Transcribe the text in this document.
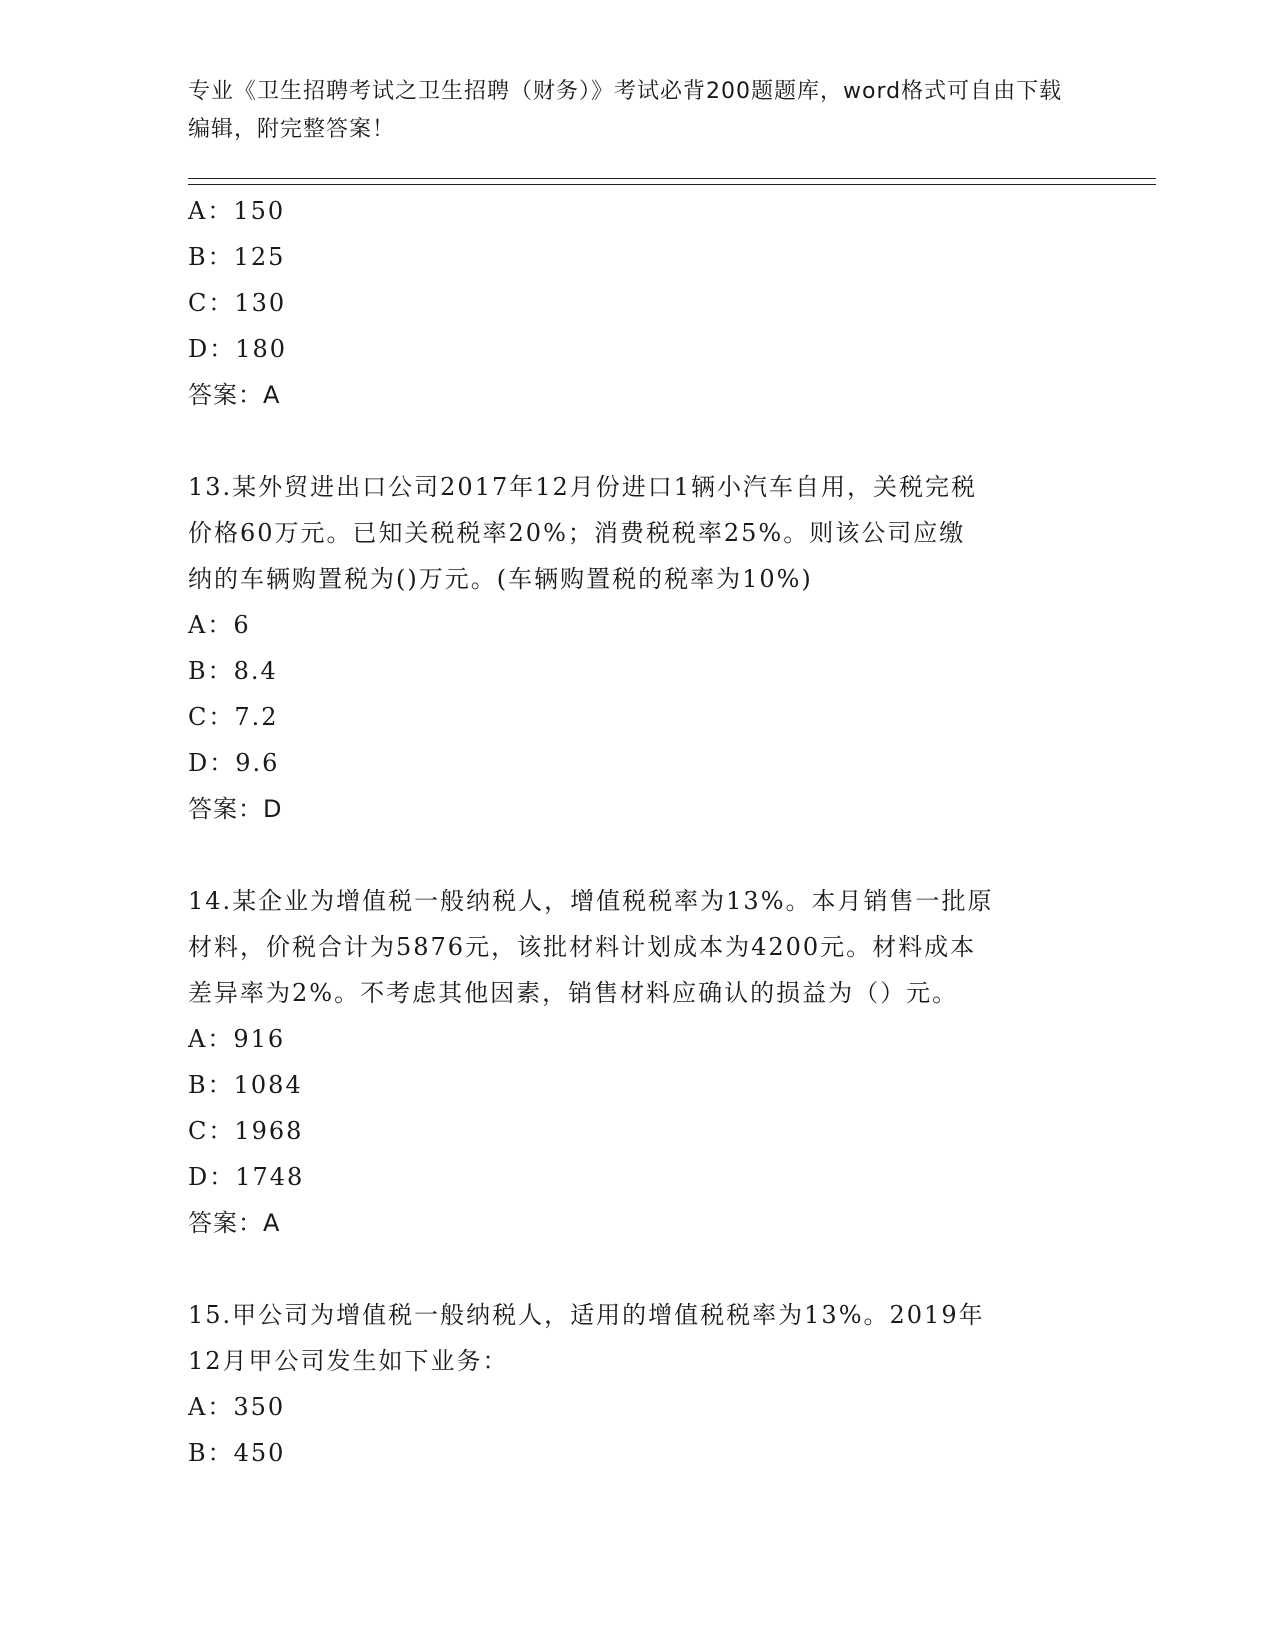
专业《卫生招聘考试之卫生招聘（财务）》考试必背200题题库，word格式可自由下载编辑，附完整答案！
A：150
B：125
C：130
D：180
答案：A
13.某外贸进出口公司2017年12月份进口1辆小汽车自用，关税完税
价格60万元。已知关税税率20%；消费税税率25%。则该公司应缴
纳的车辆购置税为()万元。(车辆购置税的税率为10%)
A：6
B：8.4
C：7.2
D：9.6
答案：D
14.某企业为增值税一般纳税人，增值税税率为13%。本月销售一批原
材料，价税合计为5876元，该批材料计划成本为4200元。材料成本
差异率为2%。不考虑其他因素，销售材料应确认的损益为（）元。
A：916
B：1084
C：1968
D：1748
答案：A
15.甲公司为增值税一般纳税人，适用的增值税税率为13%。2019年
12月甲公司发生如下业务：
A：350
B：450
